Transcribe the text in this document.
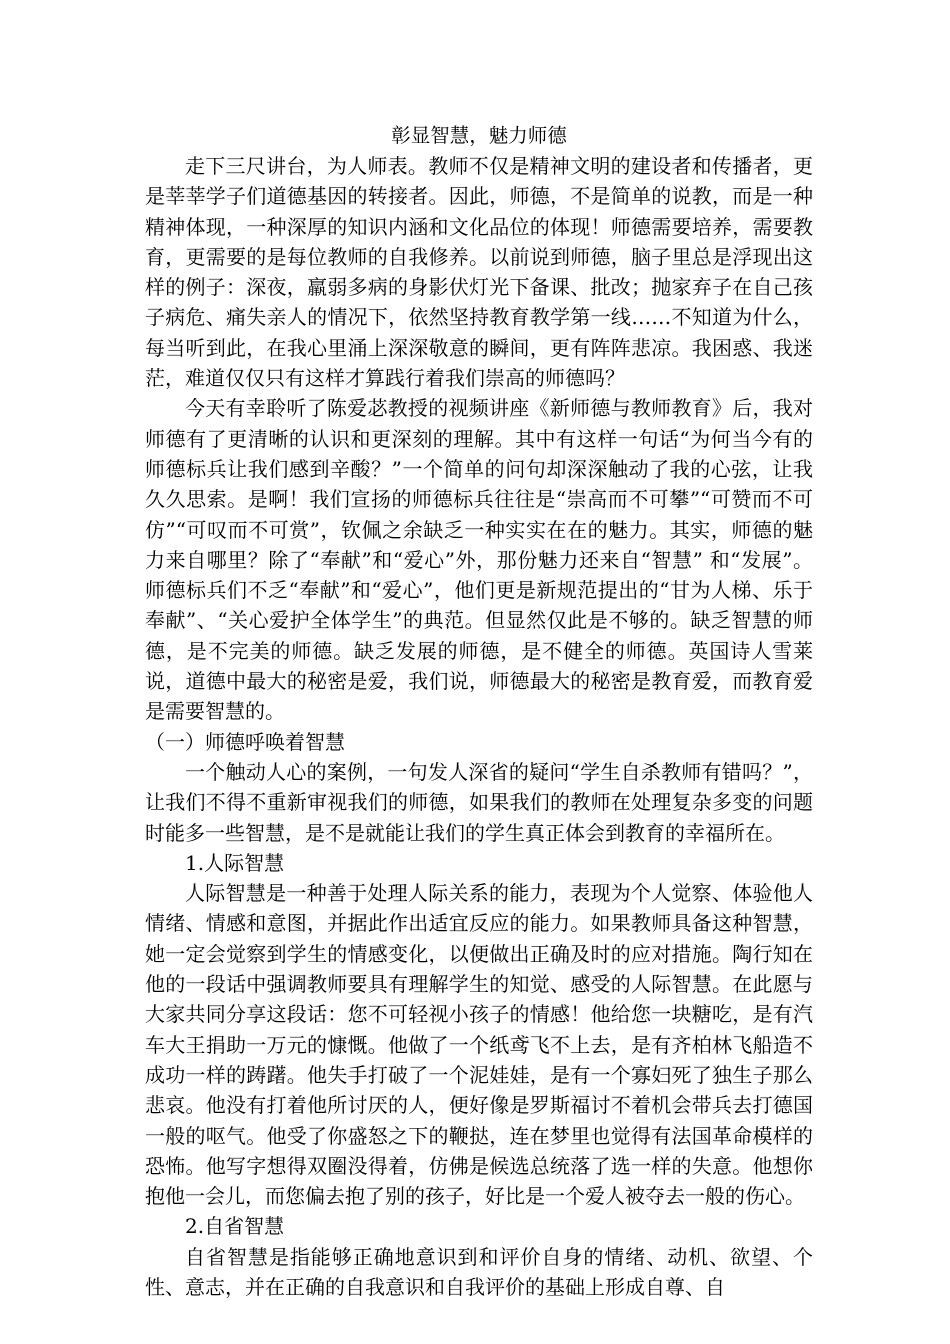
彰显智慧，魅力师德

走下三尺讲台，为人师表。教师不仅是精神文明的建设者和传播者，更是莘莘学子们道德基因的转接者。因此，师德，不是简单的说教，而是一种精神体现，一种深厚的知识内涵和文化品位的体现！师德需要培养，需要教育，更需要的是每位教师的自我修养。以前说到师德，脑子里总是浮现出这样的例子：深夜，羸弱多病的身影伏灯光下备课、批改；抛家弃子在自己孩子病危、痛失亲人的情况下，依然坚持教育教学第一线……不知道为什么，每当听到此，在我心里涌上深深敬意的瞬间，更有阵阵悲凉。我困惑、我迷茫，难道仅仅只有这样才算践行着我们崇高的师德吗？

今天有幸聆听了陈爱苾教授的视频讲座《新师德与教师教育》后，我对师德有了更清晰的认识和更深刻的理解。其中有这样一句话“为何当今有的师德标兵让我们感到辛酸？”一个简单的问句却深深触动了我的心弦，让我久久思索。是啊！我们宣扬的师德标兵往往是“崇高而不可攀”“可赞而不可仿”“可叹而不可赏”，钦佩之余缺乏一种实实在在的魅力。其实，师德的魅力来自哪里？除了“奉献”和“爱心”外，那份魅力还来自“智慧” 和“发展”。师德标兵们不乏“奉献”和“爱心”，他们更是新规范提出的“甘为人梯、乐于奉献”、“关心爱护全体学生”的典范。但显然仅此是不够的。缺乏智慧的师德，是不完美的师德。缺乏发展的师德，是不健全的师德。英国诗人雪莱说，道德中最大的秘密是爱，我们说，师德最大的秘密是教育爱，而教育爱是需要智慧的。

（一）师德呼唤着智慧

一个触动人心的案例，一句发人深省的疑问“学生自杀教师有错吗？”，让我们不得不重新审视我们的师德，如果我们的教师在处理复杂多变的问题时能多一些智慧，是不是就能让我们的学生真正体会到教育的幸福所在。

1.人际智慧

人际智慧是一种善于处理人际关系的能力，表现为个人觉察、体验他人情绪、情感和意图，并据此作出适宜反应的能力。如果教师具备这种智慧，她一定会觉察到学生的情感变化，以便做出正确及时的应对措施。陶行知在他的一段话中强调教师要具有理解学生的知觉、感受的人际智慧。在此愿与大家共同分享这段话：您不可轻视小孩子的情感！他给您一块糖吃，是有汽车大王捐助一万元的慷慨。他做了一个纸鸢飞不上去，是有齐柏林飞船造不成功一样的踌躇。他失手打破了一个泥娃娃，是有一个寡妇死了独生子那么悲哀。他没有打着他所讨厌的人，便好像是罗斯福讨不着机会带兵去打德国一般的呕气。他受了你盛怒之下的鞭挞，连在梦里也觉得有法国革命模样的恐怖。他写字想得双圈没得着，仿佛是候选总统落了选一样的失意。他想你抱他一会儿，而您偏去抱了别的孩子，好比是一个爱人被夺去一般的伤心。

2.自省智慧

自省智慧是指能够正确地意识到和评价自身的情绪、动机、欲望、个性、意志，并在正确的自我意识和自我评价的基础上形成自尊、自
